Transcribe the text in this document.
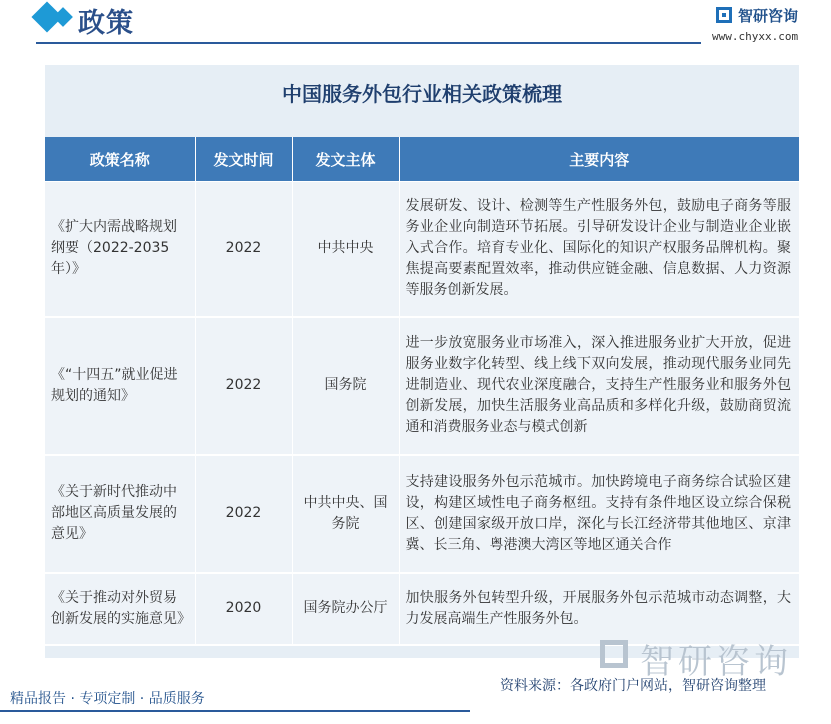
政策	智研咨询
www.chyxx.com
中国服务外包行业相关政策梳理
政策名称	发文时间	发文主体	主要内容
《扩大内需战略规划纲要（2022-2035年）》	2022	中共中央	发展研发、设计、检测等生产性服务外包，鼓励电子商务等服务业企业向制造环节拓展。引导研发设计企业与制造业企业嵌入式合作。培育专业化、国际化的知识产权服务品牌机构。聚焦提高要素配置效率，推动供应链金融、信息数据、人力资源等服务创新发展。
《“十四五”就业促进规划的通知》	2022	国务院	进一步放宽服务业市场准入，深入推进服务业扩大开放，促进服务业数字化转型、线上线下双向发展，推动现代服务业同先进制造业、现代农业深度融合，支持生产性服务业和服务外包创新发展，加快生活服务业高品质和多样化升级，鼓励商贸流通和消费服务业态与模式创新
《关于新时代推动中部地区高质量发展的意见》	2022	中共中央、国务院	支持建设服务外包示范城市。加快跨境电子商务综合试验区建设，构建区域性电子商务枢纽。支持有条件地区设立综合保税区、创建国家级开放口岸，深化与长江经济带其他地区、京津冀、长三角、粤港澳大湾区等地区通关合作
《关于推动对外贸易创新发展的实施意见》	2020	国务院办公厅	加快服务外包转型升级，开展服务外包示范城市动态调整，大力发展高端生产性服务外包。
智研咨询
资料来源：各政府门户网站，智研咨询整理
精品报告 · 专项定制 · 品质服务
